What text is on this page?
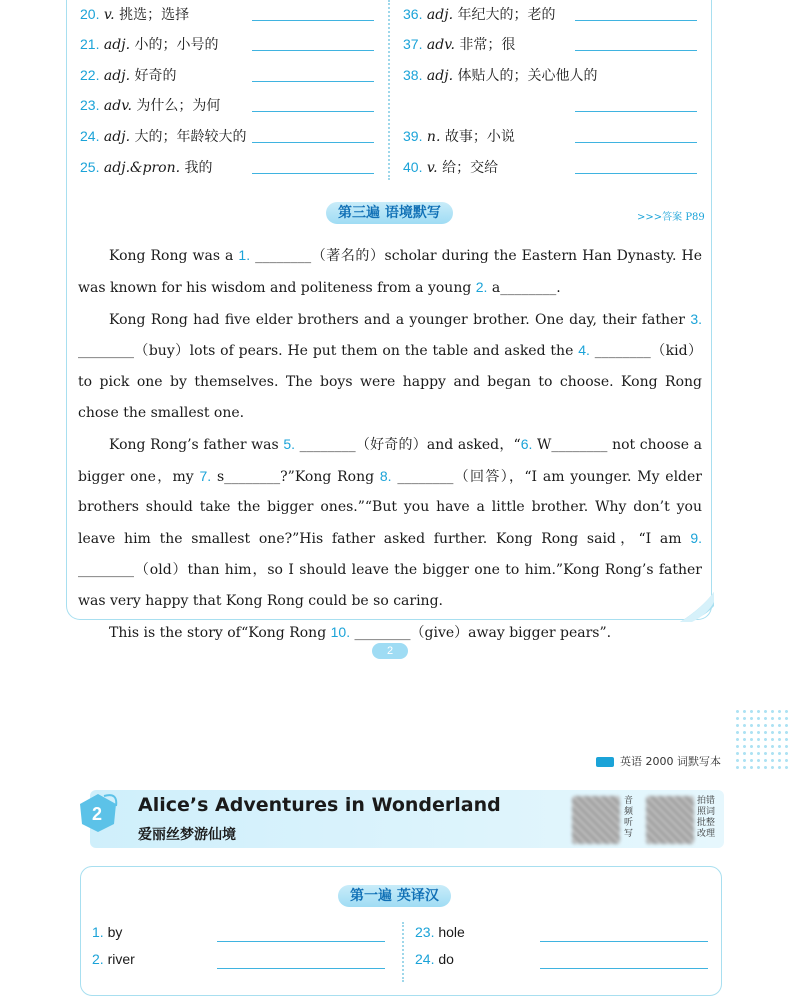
20. v. 挑选；选择
21. adj. 小的；小号的
22. adj. 好奇的
23. adv. 为什么；为何
24. adj. 大的；年龄较大的
25. adj.&pron. 我的
36. adj. 年纪大的；老的
37. adv. 非常；很
38. adj. 体贴人的；关心他人的
39. n. 故事；小说
40. v. 给；交给
第三遍 语境默写	>>>答案 P89

Kong Rong was a 1. ________（著名的）scholar during the Eastern Han Dynasty. He was known for his wisdom and politeness from a young 2. a________.

Kong Rong had five elder brothers and a younger brother. One day, their father 3. ________（buy）lots of pears. He put them on the table and asked the 4. ________（kid）to pick one by themselves. The boys were happy and began to choose. Kong Rong chose the smallest one.

Kong Rong’s father was 5. ________（好奇的）and asked，“6. W________ not choose a bigger one，my 7. s________?”Kong Rong 8. ________（回答），“I am younger. My elder brothers should take the bigger ones.”“But you have a little brother. Why don’t you leave him the smallest one?”His father asked further. Kong Rong said，“I am 9. ________（old）than him，so I should leave the bigger one to him.”Kong Rong’s father was very happy that Kong Rong could be so caring.

This is the story of“Kong Rong 10. ________（give）away bigger pears”.

2
英语 2000 词默写本
2 Alice’s Adventures in Wonderland
爱丽丝梦游仙境
音频听写
拍错照词批整改理
第一遍 英译汉
1. by
2. river
23. hole
24. do
